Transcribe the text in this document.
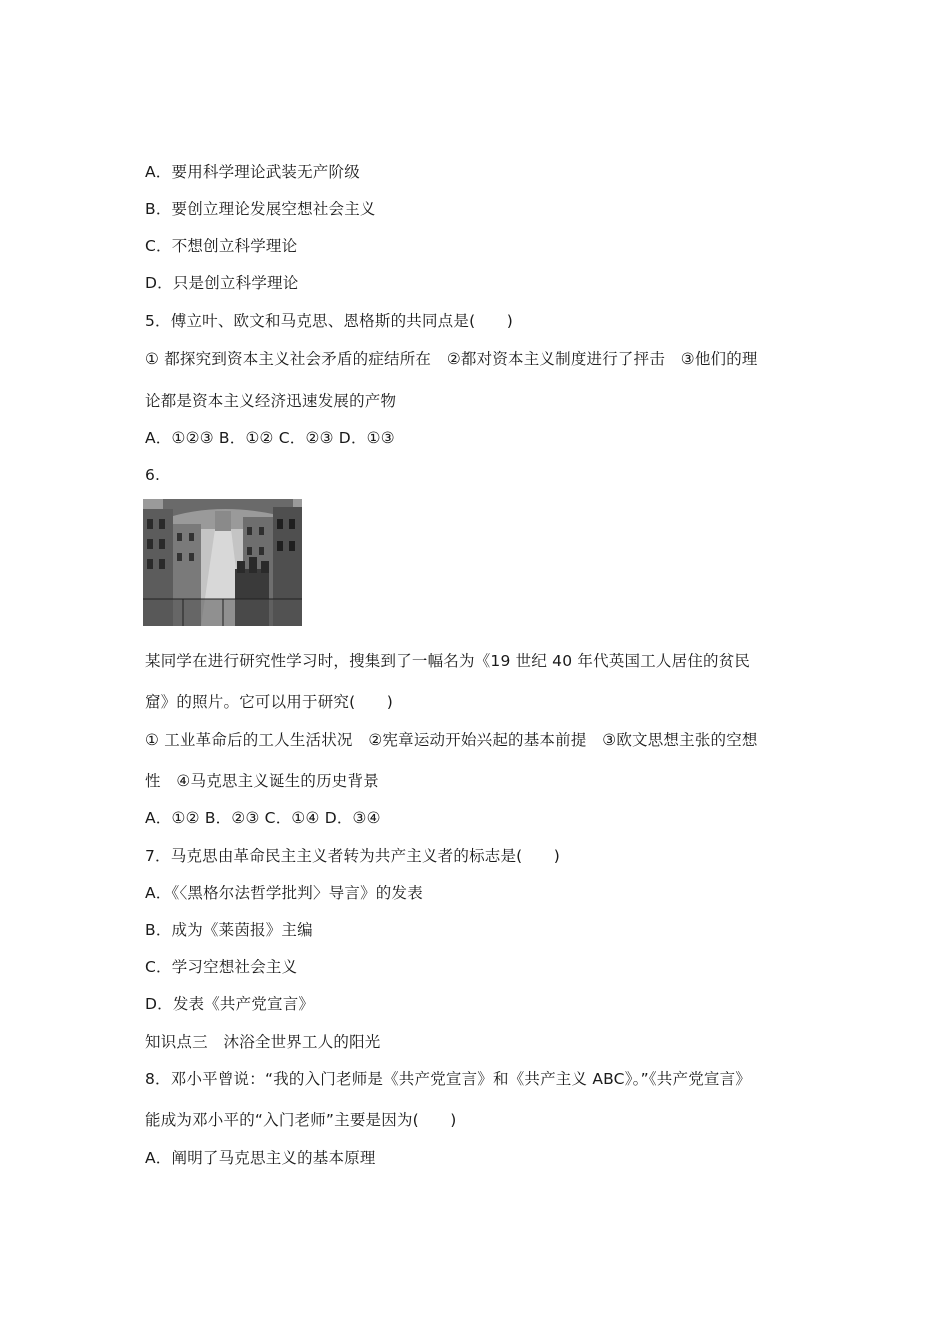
A．要用科学理论武装无产阶级
B．要创立理论发展空想社会主义
C．不想创立科学理论
D．只是创立科学理论
5．傅立叶、欧文和马克思、恩格斯的共同点是(　　)
① 都探究到资本主义社会矛盾的症结所在　②都对资本主义制度进行了抨击　③他们的理
论都是资本主义经济迅速发展的产物
A．①②③ B．①② C．②③ D．①③
6.
某同学在进行研究性学习时，搜集到了一幅名为《19 世纪 40 年代英国工人居住的贫民
窟》的照片。它可以用于研究(　　)
① 工业革命后的工人生活状况　②宪章运动开始兴起的基本前提　③欧文思想主张的空想
性　④马克思主义诞生的历史背景
A．①② B．②③ C．①④ D．③④
7．马克思由革命民主主义者转为共产主义者的标志是(　　)
A．《〈黑格尔法哲学批判〉导言》的发表
B．成为《莱茵报》主编
C．学习空想社会主义
D．发表《共产党宣言》
知识点三　沐浴全世界工人的阳光
8．邓小平曾说：“我的入门老师是《共产党宣言》和《共产主义 ABC》。”《共产党宣言》
能成为邓小平的“入门老师”主要是因为(　　)
A．阐明了马克思主义的基本原理
